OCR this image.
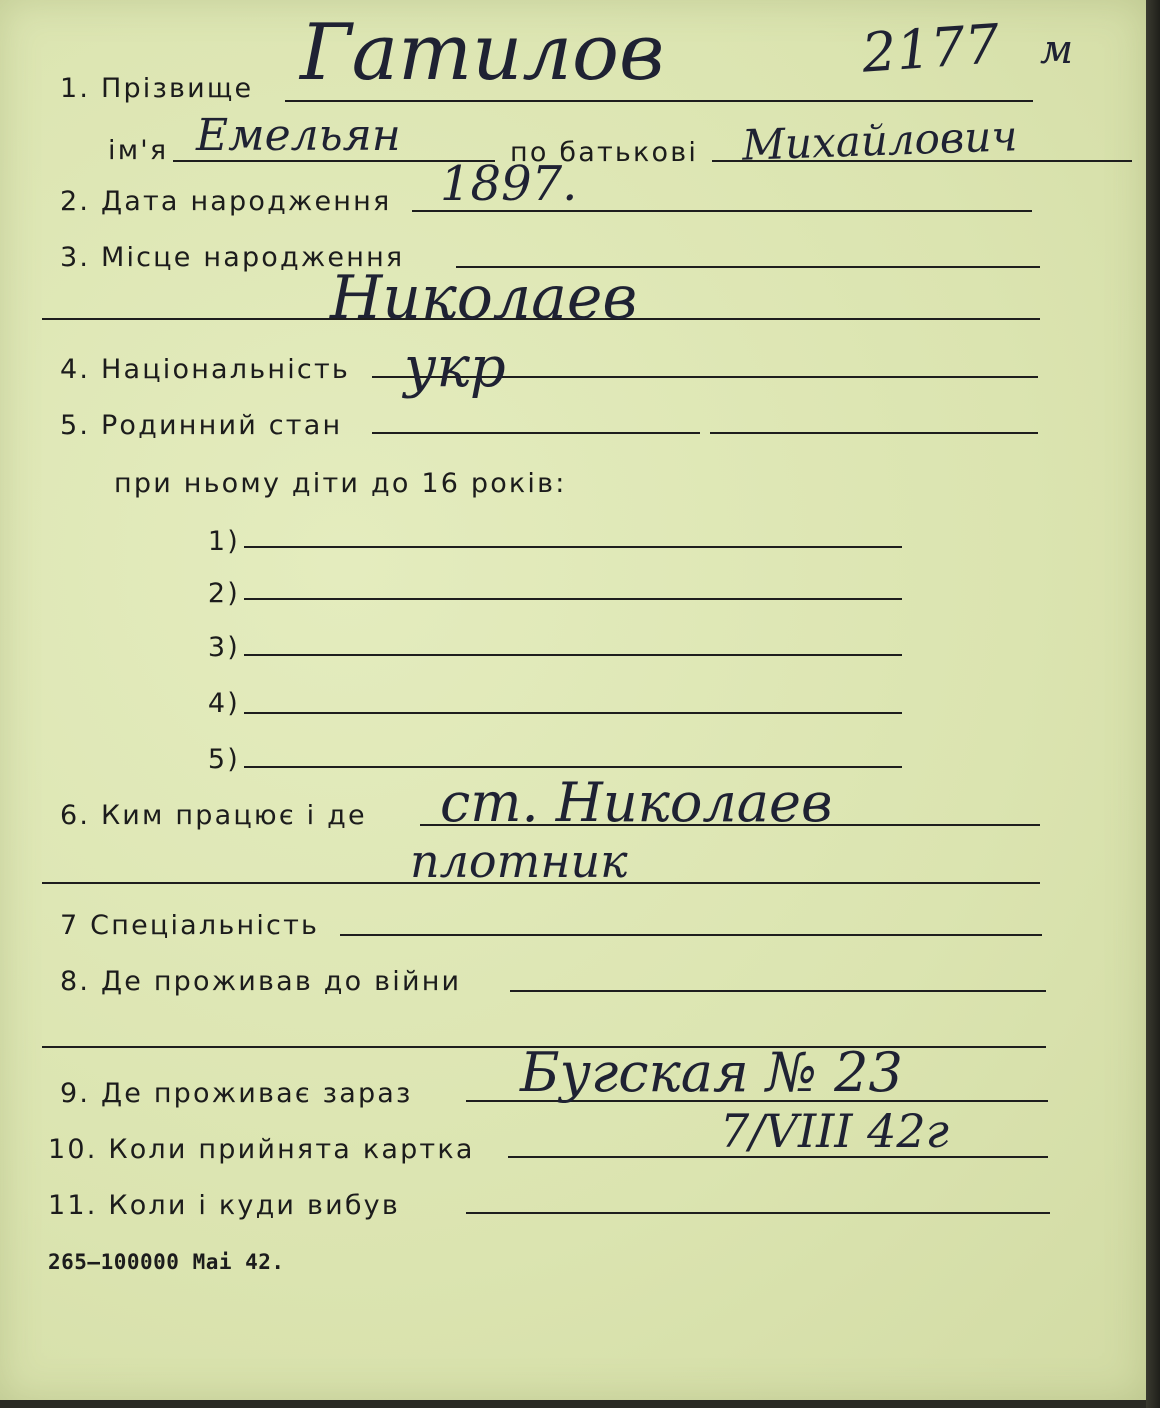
2177 м
1. Прізвище Гатилов
ім'я Емельян	по батькові Михайлович
2. Дата народження 1897.
3. Місце народження
Николаев
4. Національність укр
5. Родинний стан
при ньому діти до 16 років:
1)
2)
3)
4)
5)
6. Ким працює і де ст. Николаев
плотник
7 Спеціальність
8. Де проживав до війни
9. Де проживає зараз Бугская № 23
10. Коли прийнята картка	7/VIII 42г
11. Коли і куди вибув
265—100000 Mai 42.
